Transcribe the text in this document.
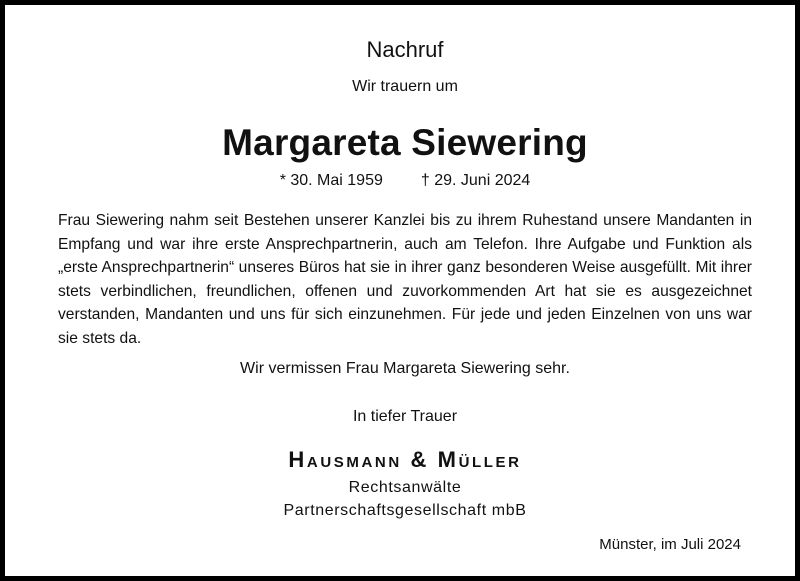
Nachruf
Wir trauern um
Margareta Siewering
* 30. Mai 1959 † 29. Juni 2024

Frau Siewering nahm seit Bestehen unserer Kanzlei bis zu ihrem Ruhestand unsere Mandanten in Empfang und war ihre erste Ansprechpartnerin, auch am Telefon. Ihre Aufgabe und Funktion als „erste Ansprechpartnerin“ unseres Büros hat sie in ihrer ganz besonderen Weise ausgefüllt. Mit ihrer stets verbindlichen, freundlichen, offenen und zuvorkommenden Art hat sie es ausgezeichnet verstanden, Mandanten und uns für sich einzunehmen. Für jede und jeden Einzelnen von uns war sie stets da.

Wir vermissen Frau Margareta Siewering sehr.
In tiefer Trauer
Hausmann & Müller
Rechtsanwälte
Partnerschaftsgesellschaft mbB
Münster, im Juli 2024
